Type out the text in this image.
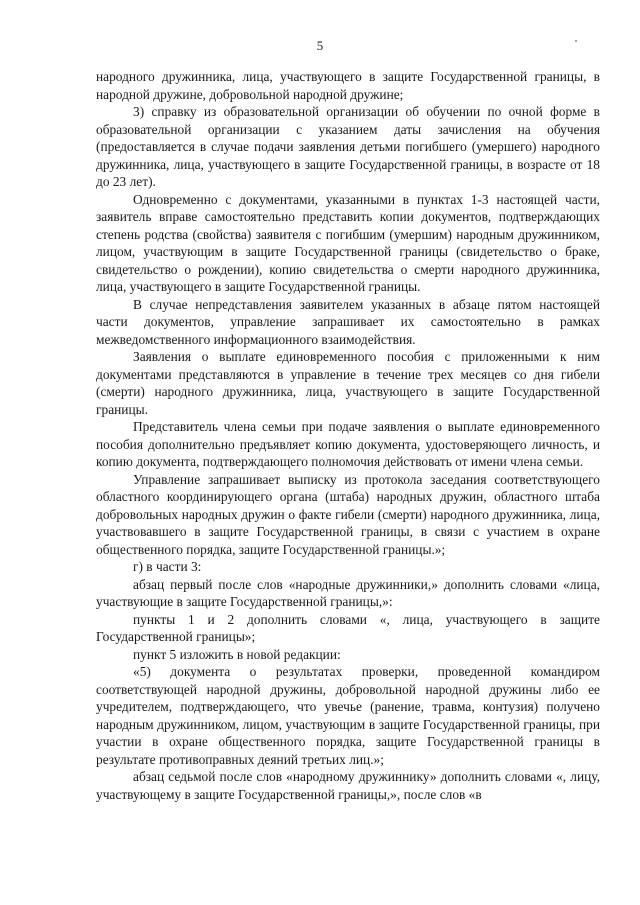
5

народного дружинника, лица, участвующего в защите Государственной границы, в народной дружине, добровольной народной дружине;

3) справку из образовательной организации об обучении по очной форме в образовательной организации с указанием даты зачисления на обучения (предоставляется в случае подачи заявления детьми погибшего (умершего) народного дружинника, лица, участвующего в защите Государственной границы, в возрасте от 18 до 23 лет).

Одновременно с документами, указанными в пунктах 1-3 настоящей части, заявитель вправе самостоятельно представить копии документов, подтверждающих степень родства (свойства) заявителя с погибшим (умершим) народным дружинником, лицом, участвующим в защите Государственной границы (свидетельство о браке, свидетельство о рождении), копию свидетельства о смерти народного дружинника, лица, участвующего в защите Государственной границы.

В случае непредставления заявителем указанных в абзаце пятом настоящей части документов, управление запрашивает их самостоятельно в рамках межведомственного информационного взаимодействия.

Заявления о выплате единовременного пособия с приложенными к ним документами представляются в управление в течение трех месяцев со дня гибели (смерти) народного дружинника, лица, участвующего в защите Государственной границы.

Представитель члена семьи при подаче заявления о выплате единовременного пособия дополнительно предъявляет копию документа, удостоверяющего личность, и копию документа, подтверждающего полномочия действовать от имени члена семьи.

Управление запрашивает выписку из протокола заседания соответствующего областного координирующего органа (штаба) народных дружин, областного штаба добровольных народных дружин о факте гибели (смерти) народного дружинника, лица, участвовавшего в защите Государственной границы, в связи с участием в охране общественного порядка, защите Государственной границы.»;

г) в части 3:

абзац первый после слов «народные дружинники,» дополнить словами «лица, участвующие в защите Государственной границы,»:

пункты 1 и 2 дополнить словами «, лица, участвующего в защите Государственной границы»;

пункт 5 изложить в новой редакции:

«5) документа о результатах проверки, проведенной командиром соответствующей народной дружины, добровольной народной дружины либо ее учредителем, подтверждающего, что увечье (ранение, травма, контузия) получено народным дружинником, лицом, участвующим в защите Государственной границы, при участии в охране общественного порядка, защите Государственной границы в результате противоправных деяний третьих лиц.»;

абзац седьмой после слов «народному дружиннику» дополнить словами «, лицу, участвующему в защите Государственной границы,», после слов «в
